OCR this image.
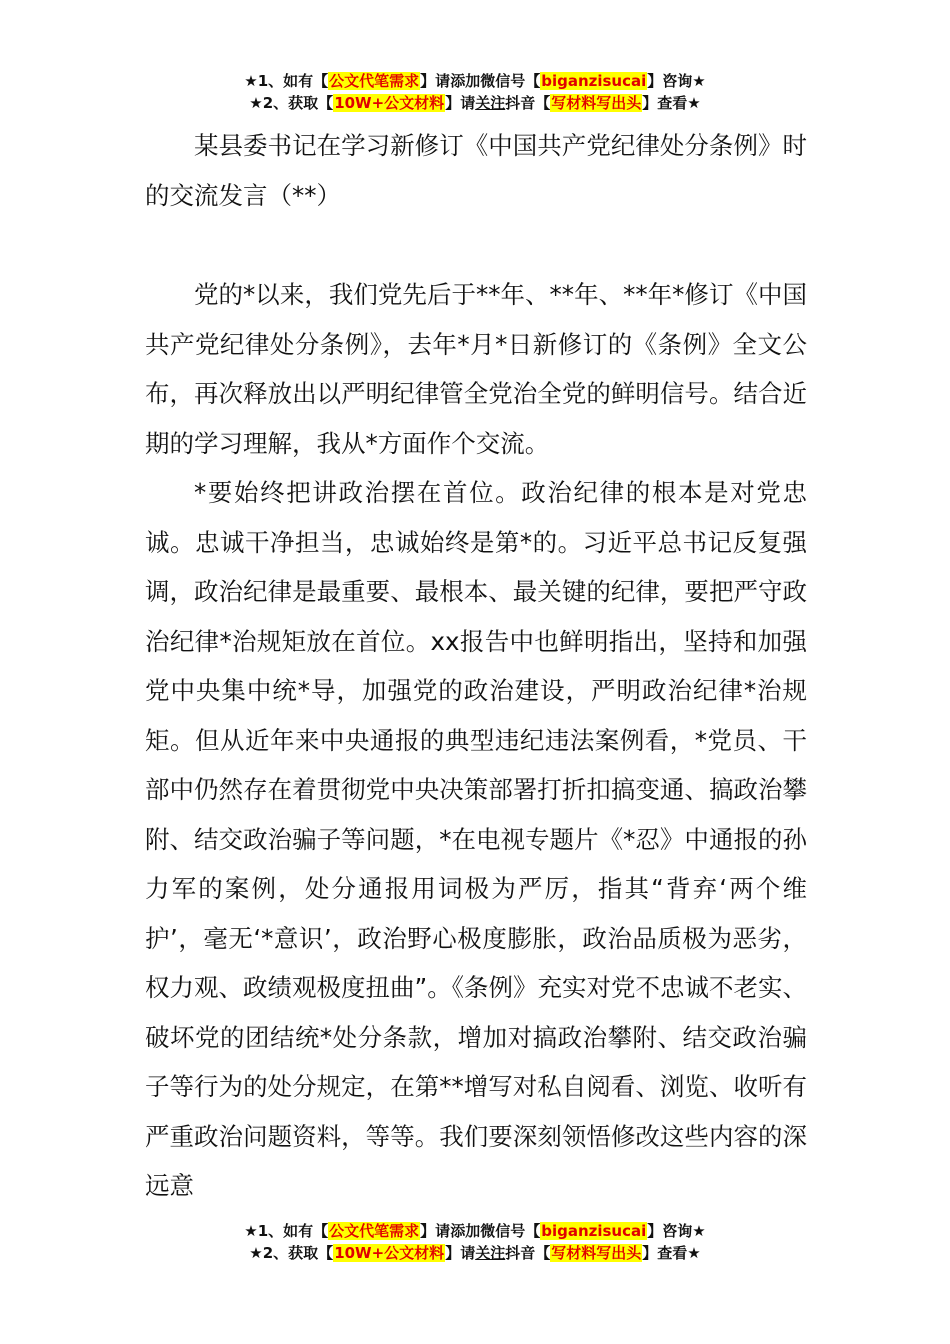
★1、如有【公文代笔需求】请添加微信号【biganzisucai】咨询★
★2、获取【10W+公文材料】请关注抖音【写材料写出头】查看★

某县委书记在学习新修订《中国共产党纪律处分条例》时的交流发言（**）

党的*以来，我们党先后于**年、**年、**年*修订《中国共产党纪律处分条例》，去年*月*日新修订的《条例》全文公布，再次释放出以严明纪律管全党治全党的鲜明信号。结合近期的学习理解，我从*方面作个交流。

*要始终把讲政治摆在首位。政治纪律的根本是对党忠诚。忠诚干净担当，忠诚始终是第*的。习近平总书记反复强调，政治纪律是最重要、最根本、最关键的纪律，要把严守政治纪律*治规矩放在首位。xx报告中也鲜明指出，坚持和加强党中央集中统*导，加强党的政治建设，严明政治纪律*治规矩。但从近年来中央通报的典型违纪违法案例看，*党员、干部中仍然存在着贯彻党中央决策部署打折扣搞变通、搞政治攀附、结交政治骗子等问题，*在电视专题片《*忍》中通报的孙力军的案例，处分通报用词极为严厉，指其“背弃‘两个维护’，毫无‘*意识’，政治野心极度膨胀，政治品质极为恶劣，权力观、政绩观极度扭曲”。《条例》充实对党不忠诚不老实、破坏党的团结统*处分条款，增加对搞政治攀附、结交政治骗子等行为的处分规定，在第**增写对私自阅看、浏览、收听有严重政治问题资料，等等。我们要深刻领悟修改这些内容的深远意

★1、如有【公文代笔需求】请添加微信号【biganzisucai】咨询★
★2、获取【10W+公文材料】请关注抖音【写材料写出头】查看★
